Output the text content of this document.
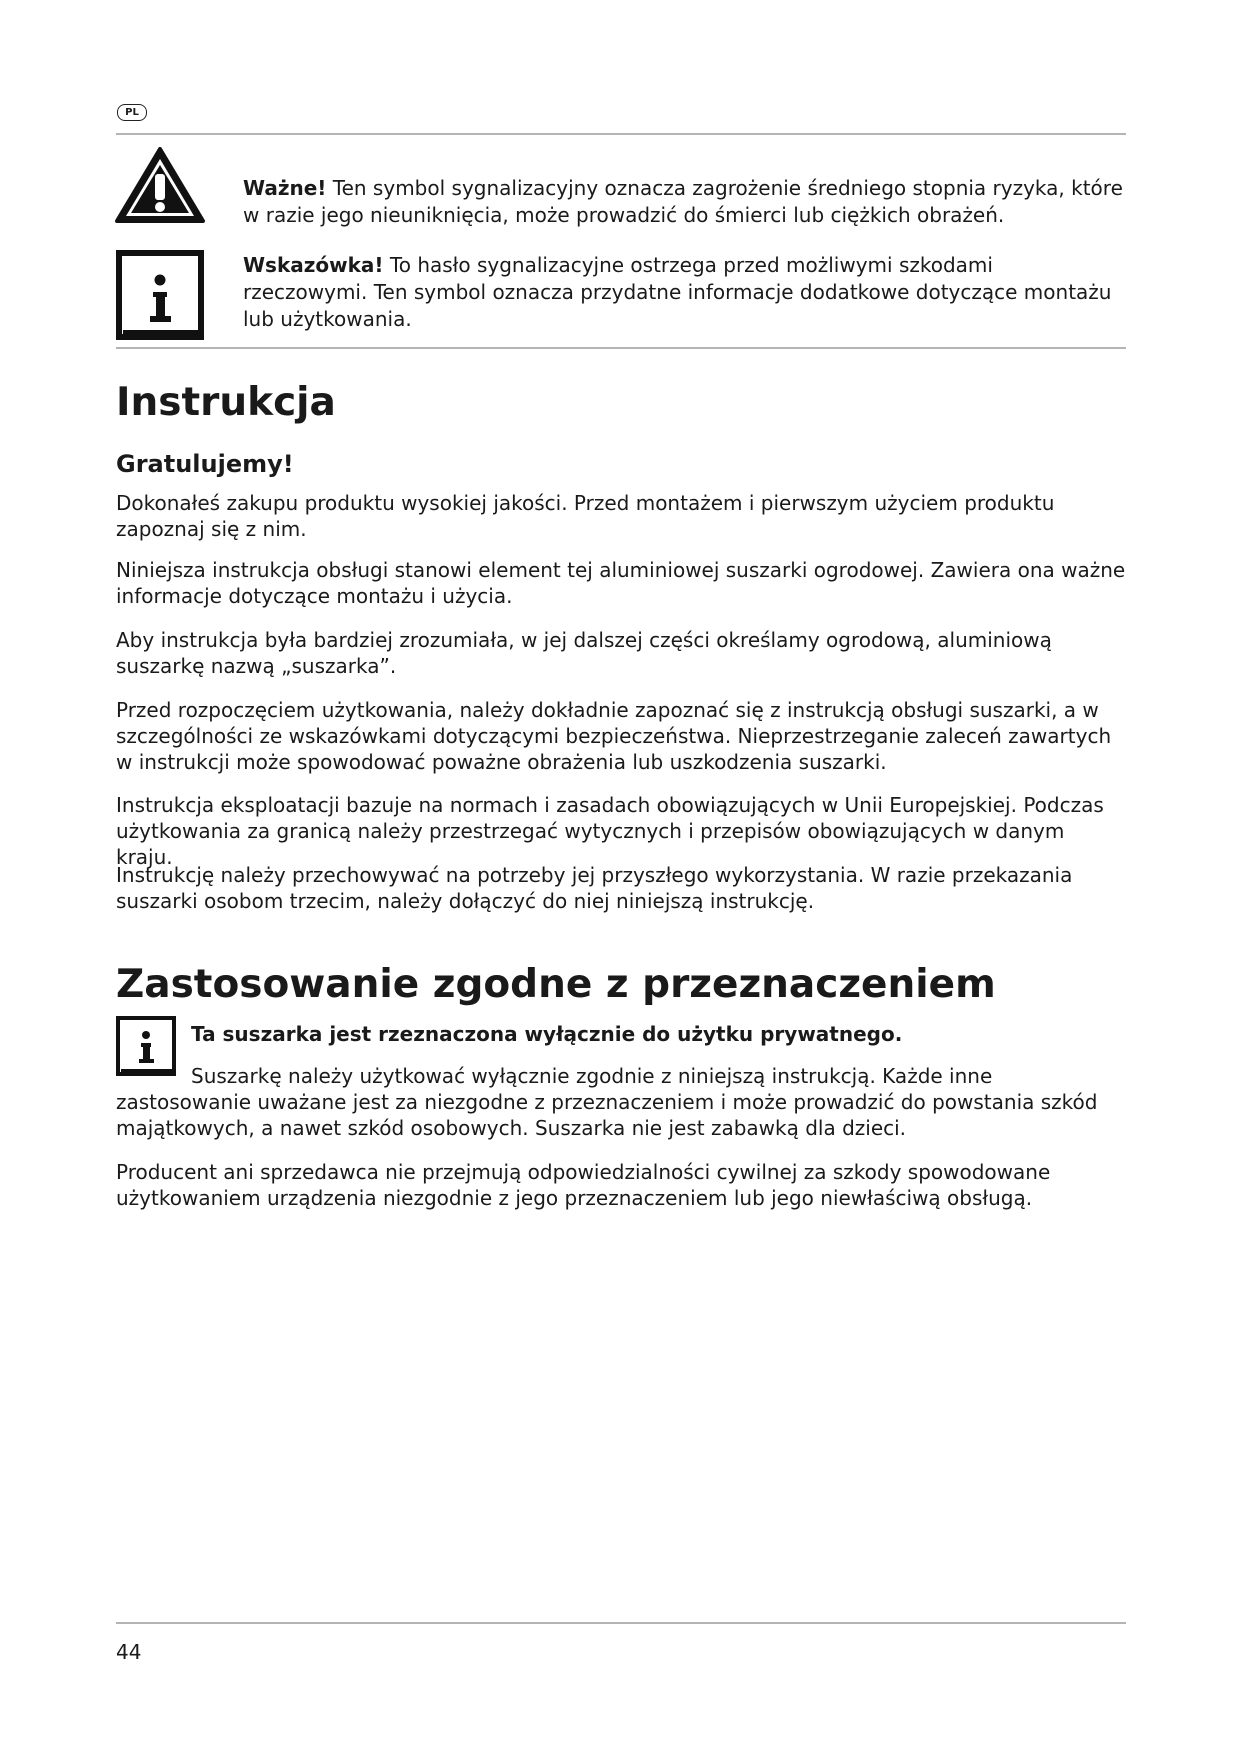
PL
Ważne! Ten symbol sygnalizacyjny oznacza zagrożenie średniego stopnia ryzyka, które w razie jego nieuniknięcia, może prowadzić do śmierci lub ciężkich obrażeń.
Wskazówka! To hasło sygnalizacyjne ostrzega przed możliwymi szkodami rzeczowymi. Ten symbol oznacza przydatne informacje dodatkowe dotyczące montażu lub użytkowania.
Instrukcja
Gratulujemy!

Dokonałeś zakupu produktu wysokiej jakości. Przed montażem i pierwszym użyciem produktu zapoznaj się z nim.

Niniejsza instrukcja obsługi stanowi element tej aluminiowej suszarki ogrodowej. Zawiera ona ważne informacje dotyczące montażu i użycia.

Aby instrukcja była bardziej zrozumiała, w jej dalszej części określamy ogrodową, aluminiową suszarkę nazwą „suszarka”.

Przed rozpoczęciem użytkowania, należy dokładnie zapoznać się z instrukcją obsługi suszarki, a w szczególności ze wskazówkami dotyczącymi bezpieczeństwa. Nieprzestrzeganie zaleceń zawartych w instrukcji może spowodować poważne obrażenia lub uszkodzenia suszarki.

Instrukcja eksploatacji bazuje na normach i zasadach obowiązujących w Unii Europejskiej. Podczas użytkowania za granicą należy przestrzegać wytycznych i przepisów obowiązujących w danym kraju.

Instrukcję należy przechowywać na potrzeby jej przyszłego wykorzystania. W razie przekazania suszarki osobom trzecim, należy dołączyć do niej niniejszą instrukcję.

Zastosowanie zgodne z przeznaczeniem
Ta suszarka jest rzeznaczona wyłącznie do użytku prywatnego.

Suszarkę należy użytkować wyłącznie zgodnie z niniejszą instrukcją. Każde inne zastosowanie uważane jest za niezgodne z przeznaczeniem i może prowadzić do powstania szkód majątkowych, a nawet szkód osobowych. Suszarka nie jest zabawką dla dzieci.

Producent ani sprzedawca nie przejmują odpowiedzialności cywilnej za szkody spowodowane użytkowaniem urządzenia niezgodnie z jego przeznaczeniem lub jego niewłaściwą obsługą.

44
